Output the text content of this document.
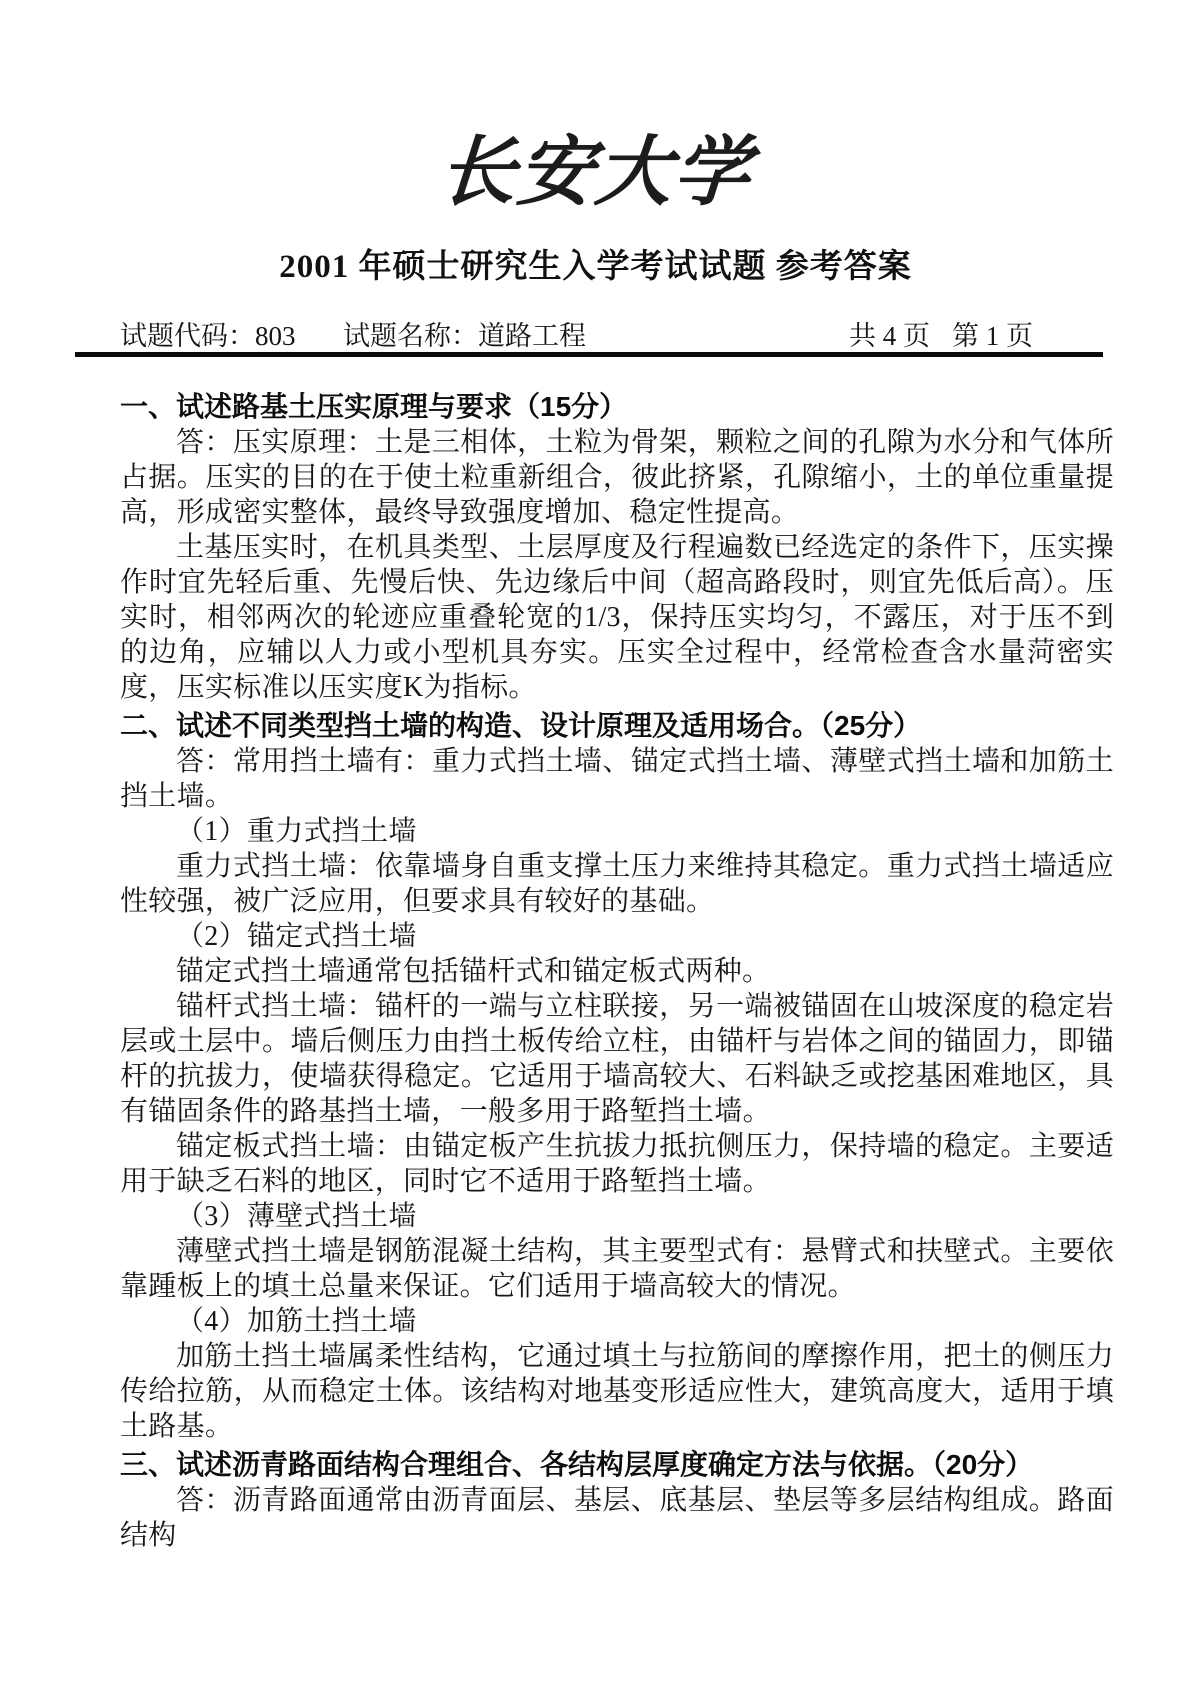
长安大学
2001 年硕士研究生入学考试试题 参考答案
试题代码：803 试题名称：道路工程	共 4 页 第 1 页

一、试述路基土压实原理与要求（15分）

答：压实原理：土是三相体，土粒为骨架，颗粒之间的孔隙为水分和气体所占据。压实的目的在于使土粒重新组合，彼此挤紧，孔隙缩小，土的单位重量提高，形成密实整体，最终导致强度增加、稳定性提高。

土基压实时，在机具类型、土层厚度及行程遍数已经选定的条件下，压实操作时宜先轻后重、先慢后快、先边缘后中间（超高路段时，则宜先低后高）。压实时，相邻两次的轮迹应重叠轮宽的1/3，保持压实均匀，不露压，对于压不到的边角，应辅以人力或小型机具夯实。压实全过程中，经常检查含水量菏密实度，压实标准以压实度K为指标。

二、试述不同类型挡土墙的构造、设计原理及适用场合。（25分）

答：常用挡土墙有：重力式挡土墙、锚定式挡土墙、薄壁式挡土墙和加筋土挡土墙。

（1）重力式挡土墙

重力式挡土墙：依靠墙身自重支撑土压力来维持其稳定。重力式挡土墙适应性较强，被广泛应用，但要求具有较好的基础。

（2）锚定式挡土墙

锚定式挡土墙通常包括锚杆式和锚定板式两种。

锚杆式挡土墙：锚杆的一端与立柱联接，另一端被锚固在山坡深度的稳定岩层或土层中。墙后侧压力由挡土板传给立柱，由锚杆与岩体之间的锚固力，即锚杆的抗拔力，使墙获得稳定。它适用于墙高较大、石料缺乏或挖基困难地区，具有锚固条件的路基挡土墙，一般多用于路堑挡土墙。

锚定板式挡土墙：由锚定板产生抗拔力抵抗侧压力，保持墙的稳定。主要适用于缺乏石料的地区，同时它不适用于路堑挡土墙。

（3）薄壁式挡土墙

薄壁式挡土墙是钢筋混凝土结构，其主要型式有：悬臂式和扶壁式。主要依靠踵板上的填土总量来保证。它们适用于墙高较大的情况。

（4）加筋土挡土墙

加筋土挡土墙属柔性结构，它通过填土与拉筋间的摩擦作用，把土的侧压力传给拉筋，从而稳定土体。该结构对地基变形适应性大，建筑高度大，适用于填土路基。

三、试述沥青路面结构合理组合、各结构层厚度确定方法与依据。（20分）

答：沥青路面通常由沥青面层、基层、底基层、垫层等多层结构组成。路面结构
